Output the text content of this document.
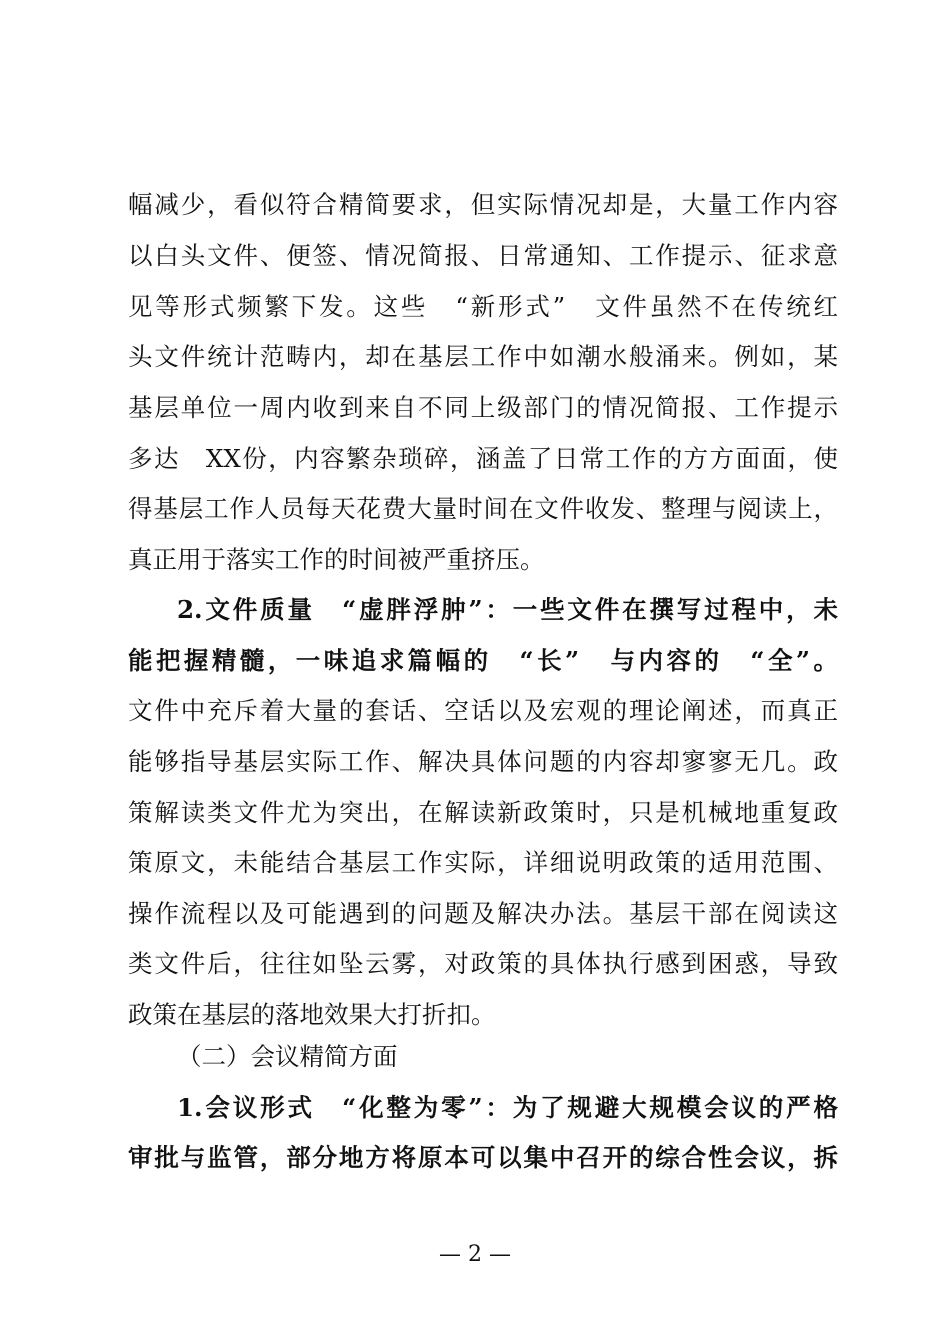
幅减少，看似符合精简要求，但实际情况却是，大量工作内容
以白头文件、便签、情况简报、日常通知、工作提示、征求意
见等形式频繁下发。这些　“新形式”　文件虽然不在传统红
头文件统计范畴内，却在基层工作中如潮水般涌来。例如，某
基层单位一周内收到来自不同上级部门的情况简报、工作提示
多达　XX份，内容繁杂琐碎，涵盖了日常工作的方方面面，使
得基层工作人员每天花费大量时间在文件收发、整理与阅读上，
真正用于落实工作的时间被严重挤压。
2.文件质量　“虚胖浮肿”：一些文件在撰写过程中，未
能把握精髓，一味追求篇幅的　“长”　与内容的　“全”。
文件中充斥着大量的套话、空话以及宏观的理论阐述，而真正
能够指导基层实际工作、解决具体问题的内容却寥寥无几。政
策解读类文件尤为突出，在解读新政策时，只是机械地重复政
策原文，未能结合基层工作实际，详细说明政策的适用范围、
操作流程以及可能遇到的问题及解决办法。基层干部在阅读这
类文件后，往往如坠云雾，对政策的具体执行感到困惑，导致
政策在基层的落地效果大打折扣。
（二）会议精简方面
1.会议形式　“化整为零”：为了规避大规模会议的严格
审批与监管，部分地方将原本可以集中召开的综合性会议，拆
— 2 —
